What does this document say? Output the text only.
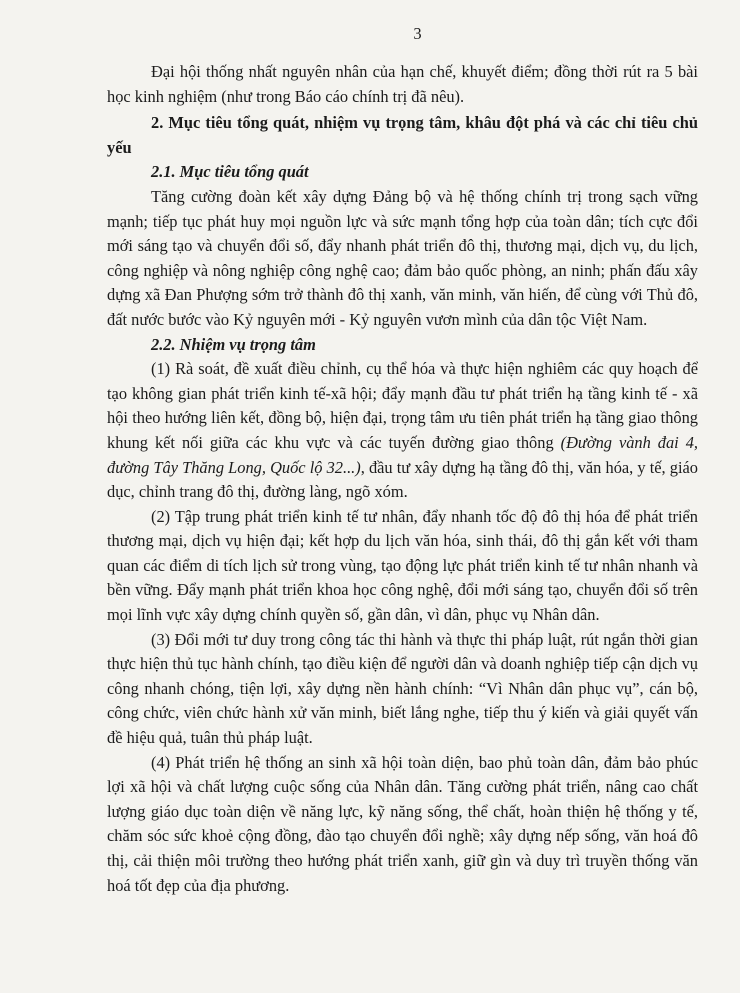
3

Đại hội thống nhất nguyên nhân của hạn chế, khuyết điểm; đồng thời rút ra 5 bài học kinh nghiệm (như trong Báo cáo chính trị đã nêu).

2. Mục tiêu tổng quát, nhiệm vụ trọng tâm, khâu đột phá và các chỉ tiêu chủ yếu

2.1. Mục tiêu tổng quát

Tăng cường đoàn kết xây dựng Đảng bộ và hệ thống chính trị trong sạch vững mạnh; tiếp tục phát huy mọi nguồn lực và sức mạnh tổng hợp của toàn dân; tích cực đổi mới sáng tạo và chuyển đổi số, đẩy nhanh phát triển đô thị, thương mại, dịch vụ, du lịch, công nghiệp và nông nghiệp công nghệ cao; đảm bảo quốc phòng, an ninh; phấn đấu xây dựng xã Đan Phượng sớm trở thành đô thị xanh, văn minh, văn hiến, để cùng với Thủ đô, đất nước bước vào Kỷ nguyên mới - Kỷ nguyên vươn mình của dân tộc Việt Nam.

2.2. Nhiệm vụ trọng tâm

(1) Rà soát, đề xuất điều chỉnh, cụ thể hóa và thực hiện nghiêm các quy hoạch để tạo không gian phát triển kinh tế-xã hội; đẩy mạnh đầu tư phát triển hạ tầng kinh tế - xã hội theo hướng liên kết, đồng bộ, hiện đại, trọng tâm ưu tiên phát triển hạ tầng giao thông khung kết nối giữa các khu vực và các tuyến đường giao thông (Đường vành đai 4, đường Tây Thăng Long, Quốc lộ 32...), đầu tư xây dựng hạ tầng đô thị, văn hóa, y tế, giáo dục, chỉnh trang đô thị, đường làng, ngõ xóm.

(2) Tập trung phát triển kinh tế tư nhân, đẩy nhanh tốc độ đô thị hóa để phát triển thương mại, dịch vụ hiện đại; kết hợp du lịch văn hóa, sinh thái, đô thị gắn kết với tham quan các điểm di tích lịch sử trong vùng, tạo động lực phát triển kinh tế tư nhân nhanh và bền vững. Đẩy mạnh phát triển khoa học công nghệ, đổi mới sáng tạo, chuyển đổi số trên mọi lĩnh vực xây dựng chính quyền số, gần dân, vì dân, phục vụ Nhân dân.

(3) Đổi mới tư duy trong công tác thi hành và thực thi pháp luật, rút ngắn thời gian thực hiện thủ tục hành chính, tạo điều kiện để người dân và doanh nghiệp tiếp cận dịch vụ công nhanh chóng, tiện lợi, xây dựng nền hành chính: “Vì Nhân dân phục vụ”, cán bộ, công chức, viên chức hành xử văn minh, biết lắng nghe, tiếp thu ý kiến và giải quyết vấn đề hiệu quả, tuân thủ pháp luật.

(4) Phát triển hệ thống an sinh xã hội toàn diện, bao phủ toàn dân, đảm bảo phúc lợi xã hội và chất lượng cuộc sống của Nhân dân. Tăng cường phát triển, nâng cao chất lượng giáo dục toàn diện về năng lực, kỹ năng sống, thể chất, hoàn thiện hệ thống y tế, chăm sóc sức khoẻ cộng đồng, đào tạo chuyển đổi nghề; xây dựng nếp sống, văn hoá đô thị, cải thiện môi trường theo hướng phát triển xanh, giữ gìn và duy trì truyền thống văn hoá tốt đẹp của địa phương.
